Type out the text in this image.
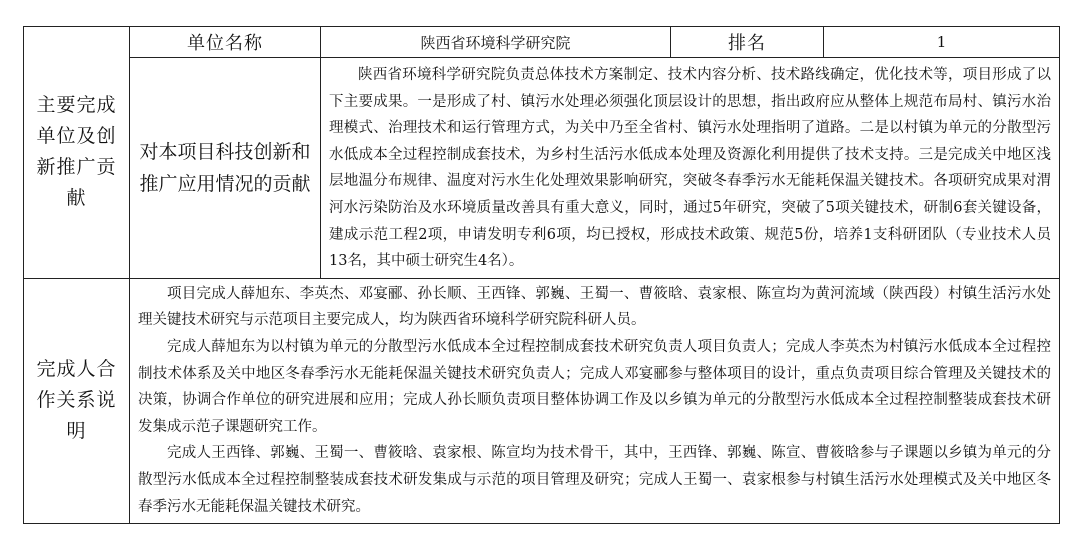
主要完成单位及创新推广贡献	单位名称	陕西省环境科学研究院	排名	1
	对本项目科技创新和推广应用情况的贡献	陕西省环境科学研究院负责总体技术方案制定、技术内容分析、技术路线确定，优化技术等，项目形成了以下主要成果。一是形成了村、镇污水处理必须强化顶层设计的思想，指出政府应从整体上规范布局村、镇污水治理模式、治理技术和运行管理方式，为关中乃至全省村、镇污水处理指明了道路。二是以村镇为单元的分散型污水低成本全过程控制成套技术，为乡村生活污水低成本处理及资源化利用提供了技术支持。三是完成关中地区浅层地温分布规律、温度对污水生化处理效果影响研究，突破冬春季污水无能耗保温关键技术。各项研究成果对渭河水污染防治及水环境质量改善具有重大意义，同时，通过5年研究，突破了5项关键技术，研制6套关键设备，建成示范工程2项，申请发明专利6项，均已授权，形成技术政策、规范5份，培养1支科研团队（专业技术人员13名，其中硕士研究生4名）。		

完成人合作关系说明	项目完成人薛旭东、李英杰、邓宴郦、孙长顺、王西锋、郭巍、王蜀一、曹筱晗、袁家根、陈宣均为黄河流域（陕西段）村镇生活污水处理关键技术研究与示范项目主要完成人，均为陕西省环境科学研究院科研人员。

完成人薛旭东为以村镇为单元的分散型污水低成本全过程控制成套技术研究负责人项目负责人；完成人李英杰为村镇污水低成本全过程控制技术体系及关中地区冬春季污水无能耗保温关键技术研究负责人；完成人邓宴郦参与整体项目的设计，重点负责项目综合管理及关键技术的决策，协调合作单位的研究进展和应用；完成人孙长顺负责项目整体协调工作及以乡镇为单元的分散型污水低成本全过程控制整装成套技术研发集成示范子课题研究工作。

完成人王西锋、郭巍、王蜀一、曹筱晗、袁家根、陈宣均为技术骨干，其中，王西锋、郭巍、陈宣、曹筱晗参与子课题以乡镇为单元的分散型污水低成本全过程控制整装成套技术研发集成与示范的项目管理及研究；完成人王蜀一、袁家根参与村镇生活污水处理模式及关中地区冬春季污水无能耗保温关键技术研究。			
